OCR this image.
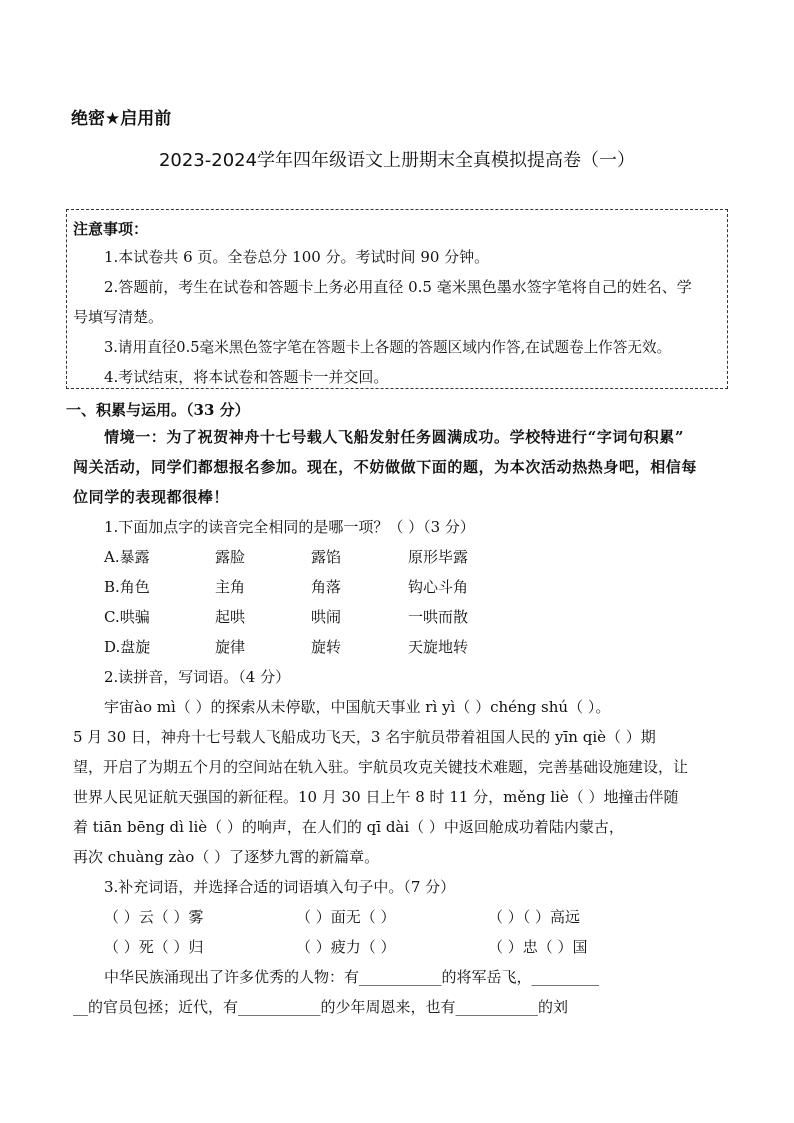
绝密★启用前
2023-2024学年四年级语文上册期末全真模拟提高卷（一）
注意事项：
1.本试卷共 6 页。全卷总分 100 分。考试时间 90 分钟。
2.答题前，考生在试卷和答题卡上务必用直径 0.5 毫米黑色墨水签字笔将自己的姓名、学
号填写清楚。
3.请用直径0.5毫米黑色签字笔在答题卡上各题的答题区域内作答,在试题卷上作答无效。
4.考试结束，将本试卷和答题卡一并交回。
一、积累与运用。（33 分）
情境一：为了祝贺神舟十七号载人飞船发射任务圆满成功。学校特进行“字词句积累”
闯关活动，同学们都想报名参加。现在，不妨做做下面的题，为本次活动热热身吧，相信每
位同学的表现都很棒！
1.下面加点字的读音完全相同的是哪一项？（ ）（3 分）
A.暴露	露脸	露馅	原形毕露
B.角色	主角	角落	钩心斗角
C.哄骗	起哄	哄闹	一哄而散
D.盘旋	旋律	旋转	天旋地转
2.读拼音，写词语。（4 分）
宇宙ào mì（ ）的探索从未停歇，中国航天事业 rì yì（ ）chéng shú（ ）。
5 月 30 日，神舟十七号载人飞船成功飞天，3 名宇航员带着祖国人民的 yīn qiè（ ）期
望，开启了为期五个月的空间站在轨入驻。宇航员攻克关键技术难题，完善基础设施建设，让
世界人民见证航天强国的新征程。10 月 30 日上午 8 时 11 分，měng liè（ ）地撞击伴随
着 tiān bēng dì liè（ ）的响声，在人们的 qī dài（ ）中返回舱成功着陆内蒙古，
再次 chuàng zào（ ）了逐梦九霄的新篇章。
3.补充词语，并选择合适的词语填入句子中。（7 分）
（ ）云（ ）雾	（ ）面无（ ）	（ ）（ ）高远
（ ）死（ ）归	（ ）疲力（ ）	（ ）忠（ ）国
中华民族涌现出了许多优秀的人物：有___________的将军岳飞，_________
__的官员包拯；近代，有___________的少年周恩来，也有___________的刘
